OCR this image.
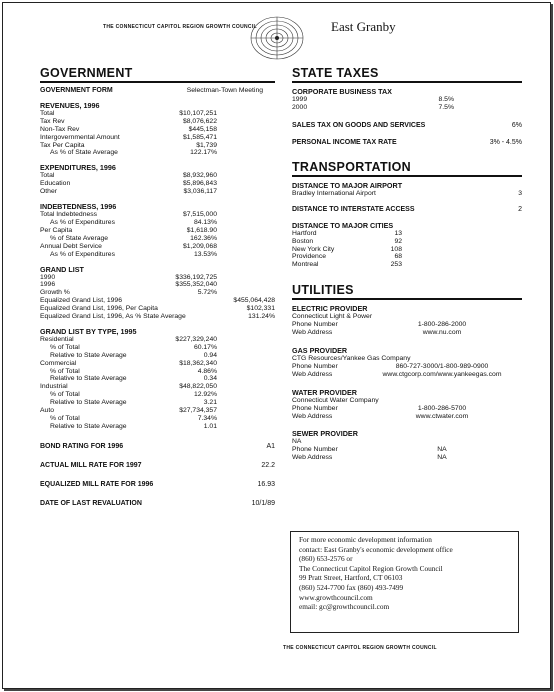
THE CONNECTICUT CAPITOL REGION GROWTH COUNCIL	East Granby
GOVERNMENT
GOVERNMENT FORM	Selectman-Town Meeting
REVENUES, 1996
Total	$10,107,251
Tax Rev	$8,076,622
Non-Tax Rev	$445,158
Intergovernmental Amount	$1,585,471
Tax Per Capita	$1,739
As % of State Average	122.17%
EXPENDITURES, 1996
Total	$8,932,960
Education	$5,896,843
Other	$3,036,117
INDEBTEDNESS, 1996
Total Indebtedness	$7,515,000
As % of Expenditures	84.13%
Per Capita	$1,618.90
% of State Average	162.36%
Annual Debt Service	$1,209,068
As % of Expenditures	13.53%
GRAND LIST
1990	$336,192,725
1996	$355,352,040
Growth %	5.72%
Equalized Grand List, 1996	$455,064,428
Equalized Grand List, 1996, Per Capita	$102,331
Equalized Grand List, 1996, As % State Average	131.24%
GRAND LIST BY TYPE, 1995
Residential	$227,329,240
% of Total	60.17%
Relative to State Average	0.94
Commercial	$18,362,340
% of Total	4.86%
Relative to State Average	0.34
Industrial	$48,822,050
% of Total	12.92%
Relative to State Average	3.21
Auto	$27,734,357
% of Total	7.34%
Relative to State Average	1.01
BOND RATING FOR 1996	A1
ACTUAL MILL RATE FOR 1997	22.2
EQUALIZED MILL RATE FOR 1996	16.93
DATE OF LAST REVALUATION	10/1/89
STATE TAXES
CORPORATE BUSINESS TAX
1999	8.5%
2000	7.5%
SALES TAX ON GOODS AND SERVICES	6%
PERSONAL INCOME TAX RATE	3% - 4.5%
TRANSPORTATION
DISTANCE TO MAJOR AIRPORT
Bradley International Airport	3
DISTANCE TO INTERSTATE ACCESS	2
DISTANCE TO MAJOR CITIES
Hartford	13
Boston	92
New York City	108
Providence	68
Montreal	253
UTILITIES
ELECTRIC PROVIDER
Connecticut Light & Power
Phone Number	1-800-286-2000
Web Address	www.nu.com
GAS PROVIDER
CTG Resources/Yankee Gas Company
Phone Number	860-727-3000/1-800-989-0900
Web Address	www.ctgcorp.com/www.yankeegas.com
WATER PROVIDER
Connecticut Water Company
Phone Number	1-800-286-5700
Web Address	www.ctwater.com
SEWER PROVIDER
NA
Phone Number	NA
Web Address	NA
For more economic development information
contact: East Granby's economic development office
(860) 653-2576 or
The Connecticut Capitol Region Growth Council
99 Pratt Street, Hartford, CT 06103
(860) 524-7700 fax (860) 493-7499
www.growthcouncil.com
email: gc@growthcouncil.com
THE CONNECTICUT CAPITOL REGION GROWTH COUNCIL
